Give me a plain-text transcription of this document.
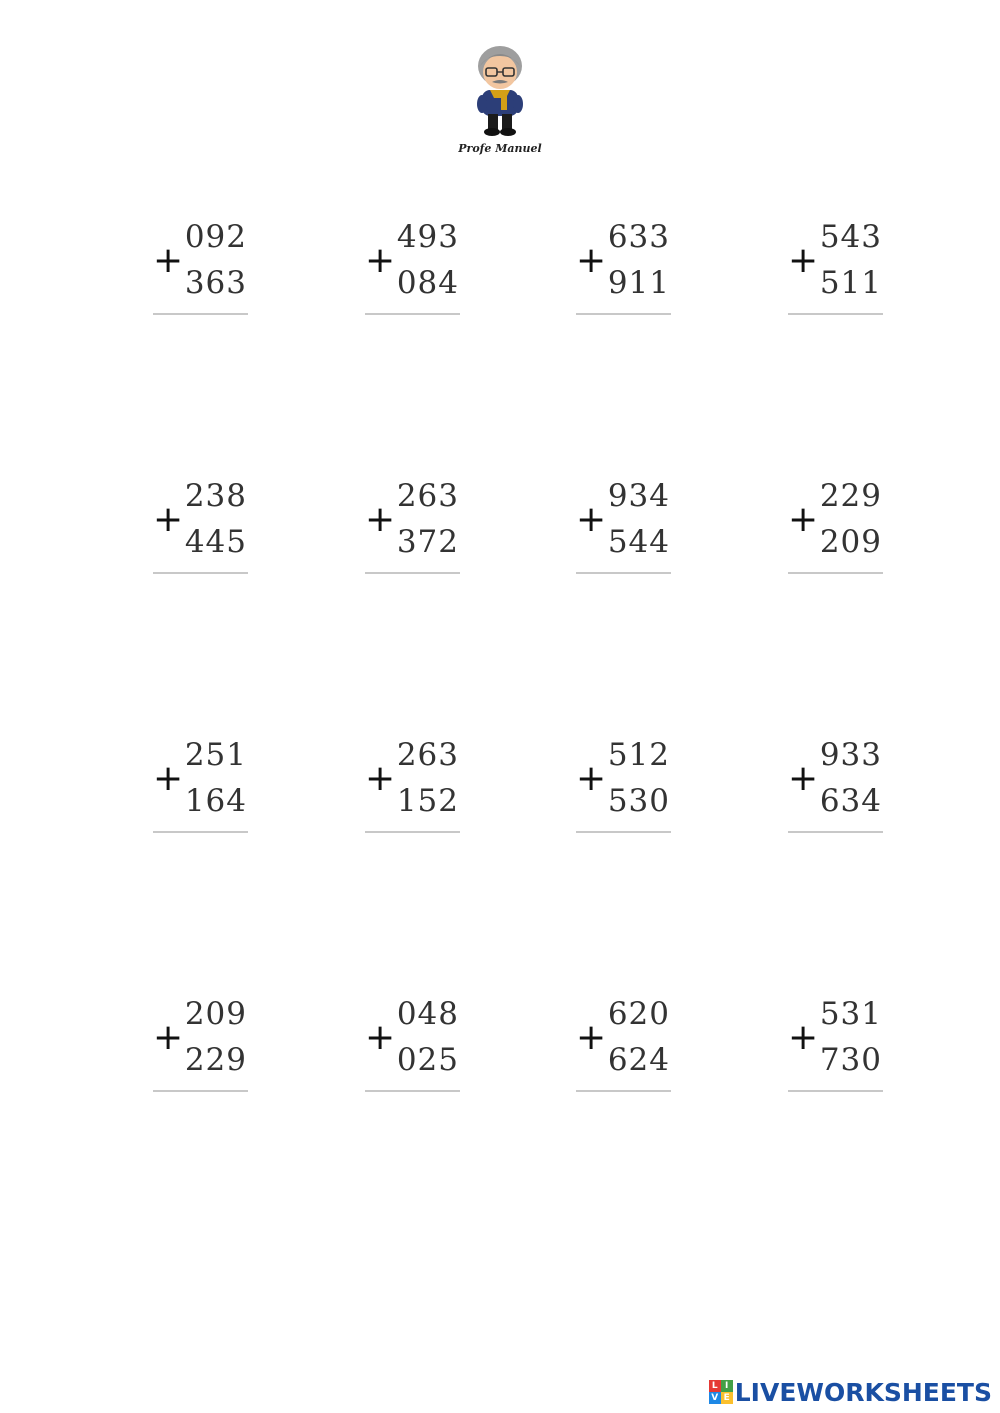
Profe Manuel
+
092
363
+
493
084
+
633
911
+
543
511
+
238
445
+
263
372
+
934
544
+
229
209
+
251
164
+
263
152
+
512
530
+
933
634
+
209
229
+
048
025
+
620
624
+
531
730
L I
V E LIVEWORKSHEETS
